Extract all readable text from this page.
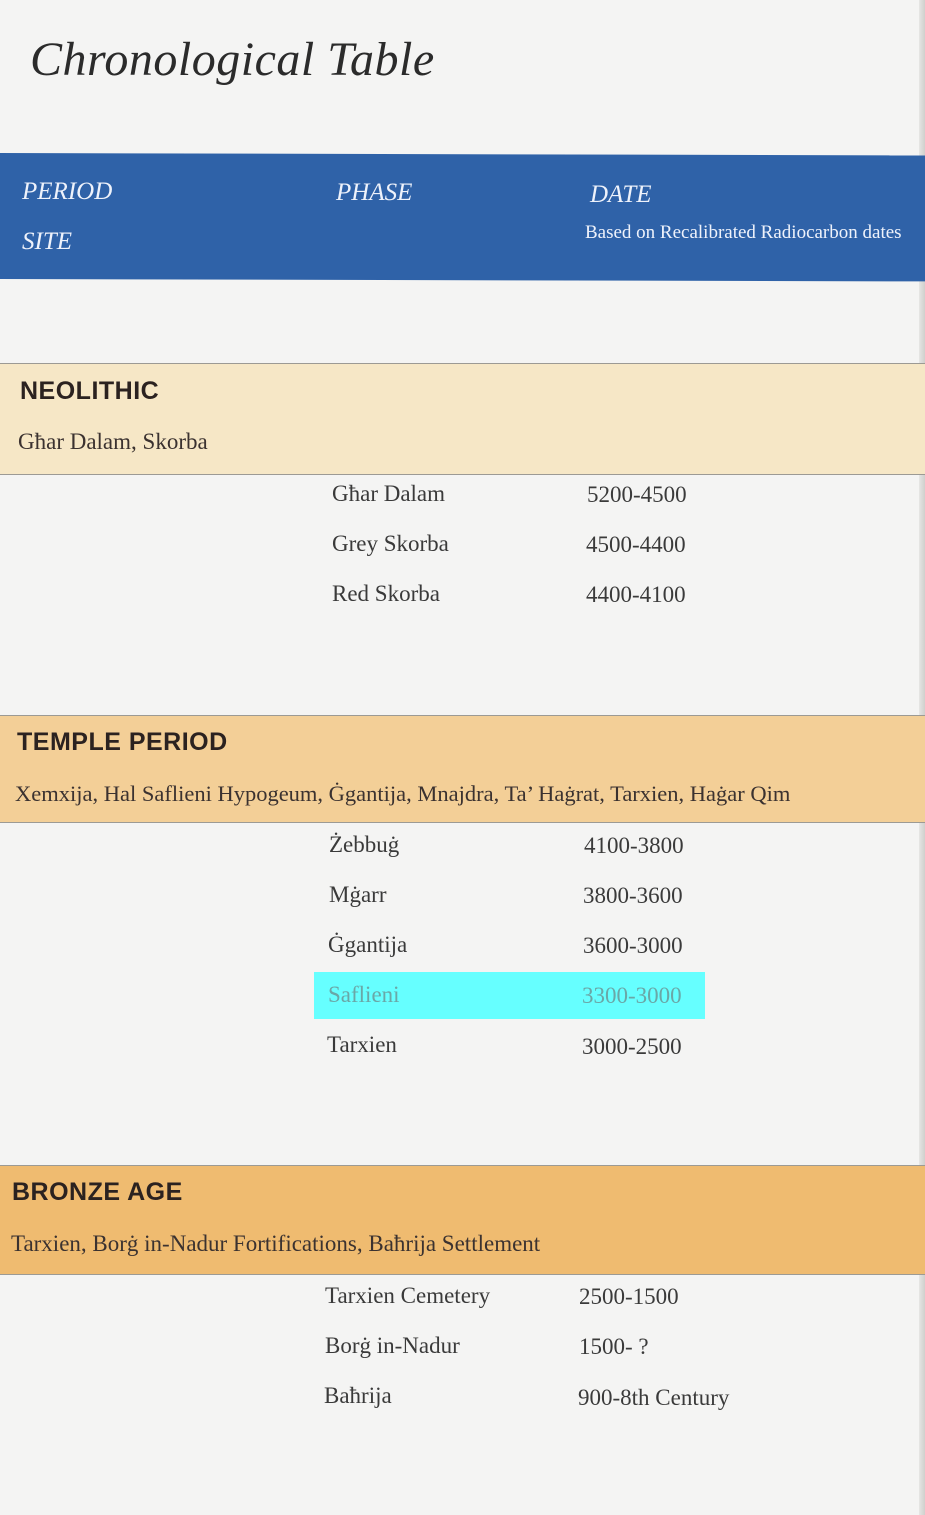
Chronological Table
PERIOD
SITE
PHASE	DATE
Based on Recalibrated Radiocarbon dates
NEOLITHIC
Għar Dalam, Skorba
Għar Dalam	5200-4500
Grey Skorba	4500-4400
Red Skorba	4400-4100
TEMPLE PERIOD
Xemxija, Hal Saflieni Hypogeum, Ġgantija, Mnajdra, Ta’ Haġrat, Tarxien, Haġar Qim
Żebbuġ	4100-3800
Mġarr	3800-3600
Ġgantija	3600-3000
Saflieni	3300-3000
Tarxien	3000-2500
BRONZE AGE
Tarxien, Borġ in-Nadur Fortifications, Baħrija Settlement
Tarxien Cemetery	2500-1500
Borġ in-Nadur	1500- ?
Baħrija	900-8th Century
